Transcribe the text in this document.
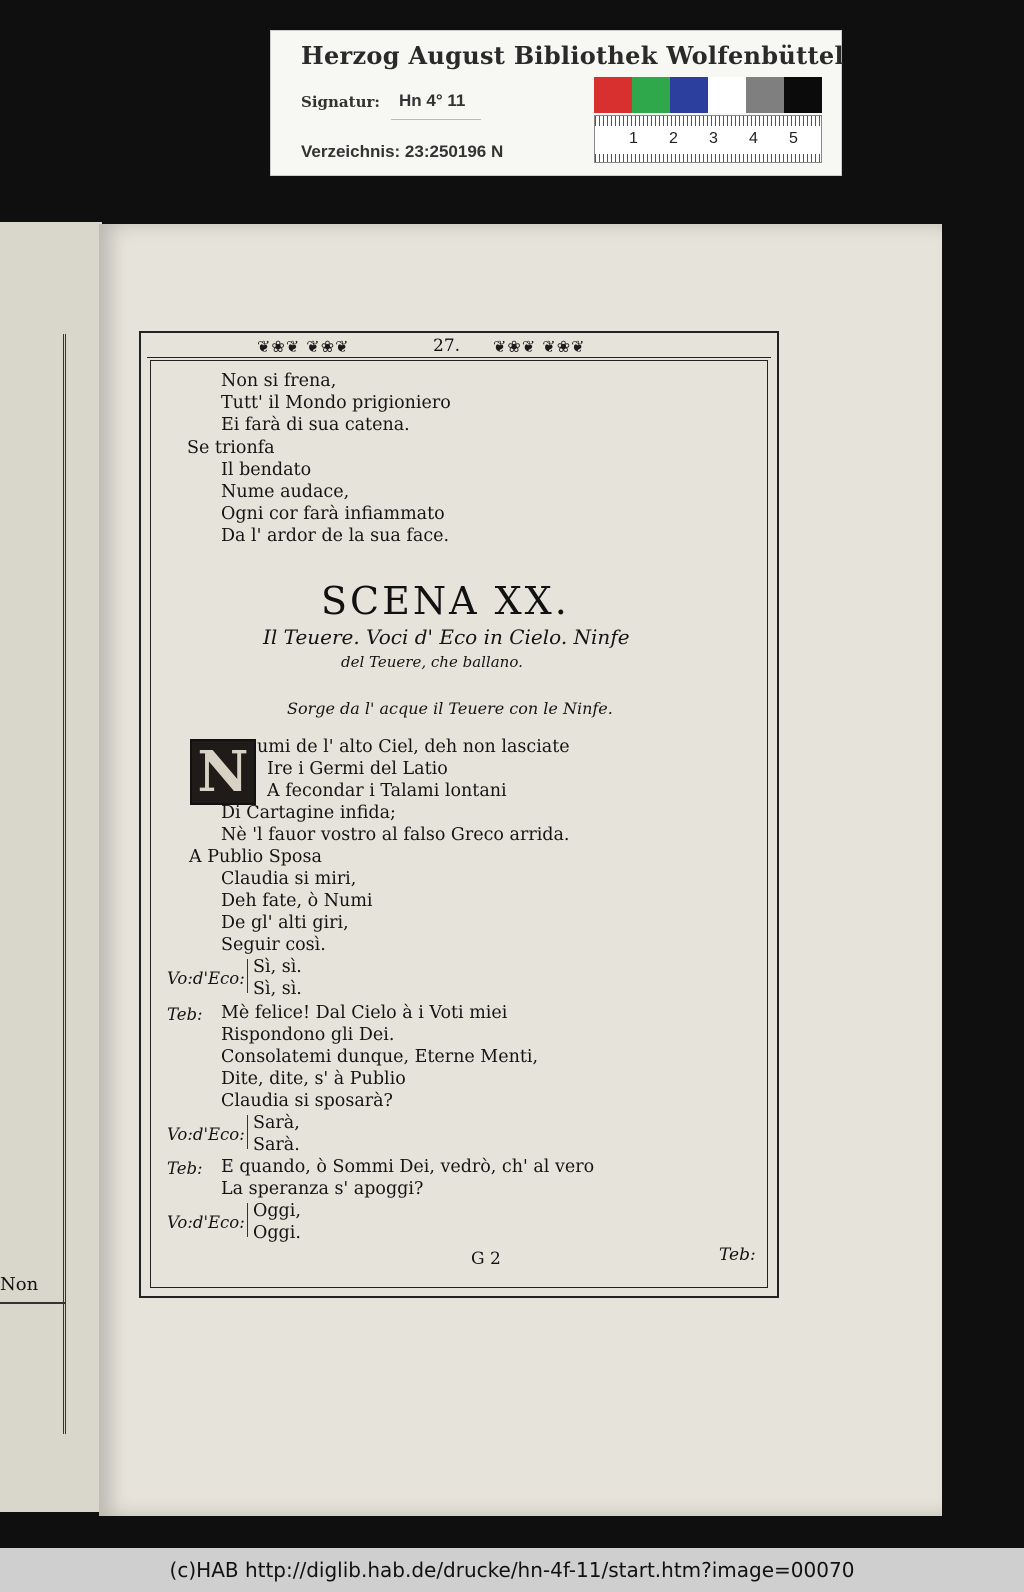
Herzog August Bibliothek Wolfenbüttel
Signatur: Hn 4° 11
Verzeichnis: 23:250196 N
1 2 3 4 5
Non
❦❀❦ ❦❀❦	27. ❦❀❦ ❦❀❦
Non si frena,
Tutt' il Mondo prigioniero
Ei farà di sua catena.
Se trionfa
Il bendato
Nume audace,
Ogni cor farà infiammato
Da l' ardor de la sua face.
SCENA XX.
Il Teuere. Voci d' Eco in Cielo. Ninfe
del Teuere, che ballano.
Sorge da l' acque il Teuere con le Ninfe.
N umi de l' alto Ciel, deh non lasciate
Ire i Germi del Latio
A fecondar i Talami lontani
Di Cartagine infida;
Nè 'l fauor vostro al falso Greco arrida.
A Publio Sposa
Claudia si miri,
Deh fate, ò Numi
De gl' alti giri,
Seguir così.
Vo:d'Eco:
Sì, sì.
Sì, sì.
Teb: Mè felice! Dal Cielo à i Voti miei
Rispondono gli Dei.
Consolatemi dunque, Eterne Menti,
Dite, dite, s' à Publio
Claudia si sposarà?
Vo:d'Eco:
Sarà,
Sarà.
Teb: E quando, ò Sommi Dei, vedrò, ch' al vero
La speranza s' apoggi?
Vo:d'Eco:
Oggi,
Oggi.
G 2	Teb:
(c)HAB http://diglib.hab.de/drucke/hn-4f-11/start.htm?image=00070
